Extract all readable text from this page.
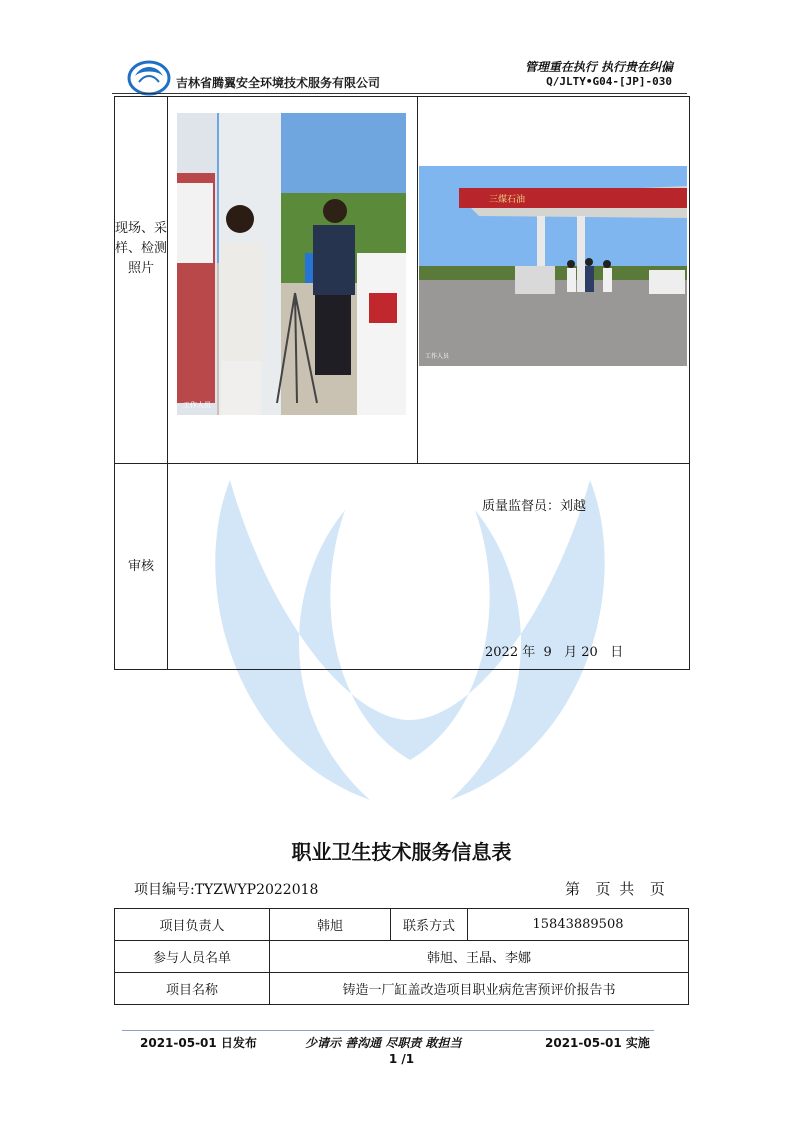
吉林省腾翼安全环境技术服务有限公司
管理重在执行 执行贵在纠偏
Q/JLTY•G04-[JP]-030
现场、采样、检测照片
工作人员
三煤石油
工作人员
审核
质量监督员：刘越
2022 年  9   月 20   日
职业卫生技术服务信息表
项目编号:TYZWYP2022018	第  页 共  页
项目负责人	韩旭	联系方式	15843889508
参与人员名单	韩旭、王晶、李娜		
项目名称	铸造一厂缸盖改造项目职业病危害预评价报告书		
2021-05-01 日发布	少请示 善沟通 尽职责 敢担当	2021-05-01 实施
1 /1
